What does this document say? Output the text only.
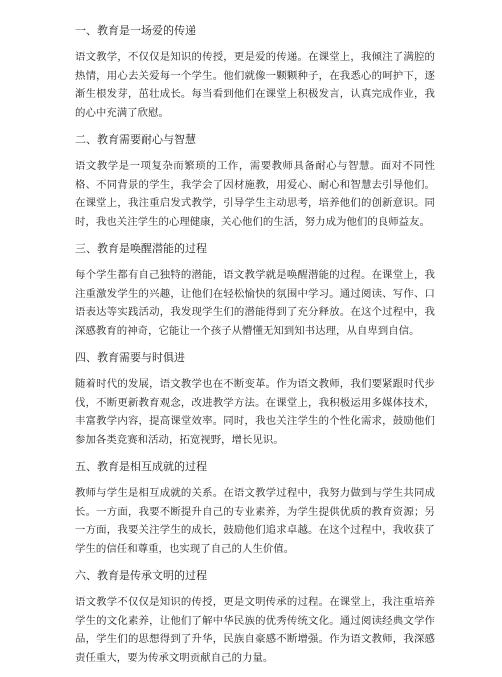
一、教育是一场爱的传递

语文教学，不仅仅是知识的传授，更是爱的传递。在课堂上，我倾注了满腔的热情，用心去关爱每一个学生。他们就像一颗颗种子，在我悉心的呵护下，逐渐生根发芽，茁壮成长。每当看到他们在课堂上积极发言，认真完成作业，我的心中充满了欣慰。

二、教育需要耐心与智慧

语文教学是一项复杂而繁琐的工作，需要教师具备耐心与智慧。面对不同性格、不同背景的学生，我学会了因材施教，用爱心、耐心和智慧去引导他们。在课堂上，我注重启发式教学，引导学生主动思考，培养他们的创新意识。同时，我也关注学生的心理健康，关心他们的生活，努力成为他们的良师益友。

三、教育是唤醒潜能的过程

每个学生都有自己独特的潜能，语文教学就是唤醒潜能的过程。在课堂上，我注重激发学生的兴趣，让他们在轻松愉快的氛围中学习。通过阅读、写作、口语表达等实践活动，我发现学生们的潜能得到了充分释放。在这个过程中，我深感教育的神奇，它能让一个孩子从懵懂无知到知书达理，从自卑到自信。

四、教育需要与时俱进

随着时代的发展，语文教学也在不断变革。作为语文教师，我们要紧跟时代步伐，不断更新教育观念，改进教学方法。在课堂上，我积极运用多媒体技术，丰富教学内容，提高课堂效率。同时，我也关注学生的个性化需求，鼓励他们参加各类竞赛和活动，拓宽视野，增长见识。

五、教育是相互成就的过程

教师与学生是相互成就的关系。在语文教学过程中，我努力做到与学生共同成长。一方面，我要不断提升自己的专业素养，为学生提供优质的教育资源；另一方面，我要关注学生的成长，鼓励他们追求卓越。在这个过程中，我收获了学生的信任和尊重，也实现了自己的人生价值。

六、教育是传承文明的过程

语文教学不仅仅是知识的传授，更是文明传承的过程。在课堂上，我注重培养学生的文化素养，让他们了解中华民族的优秀传统文化。通过阅读经典文学作品，学生们的思想得到了升华，民族自豪感不断增强。作为语文教师，我深感责任重大，要为传承文明贡献自己的力量。
